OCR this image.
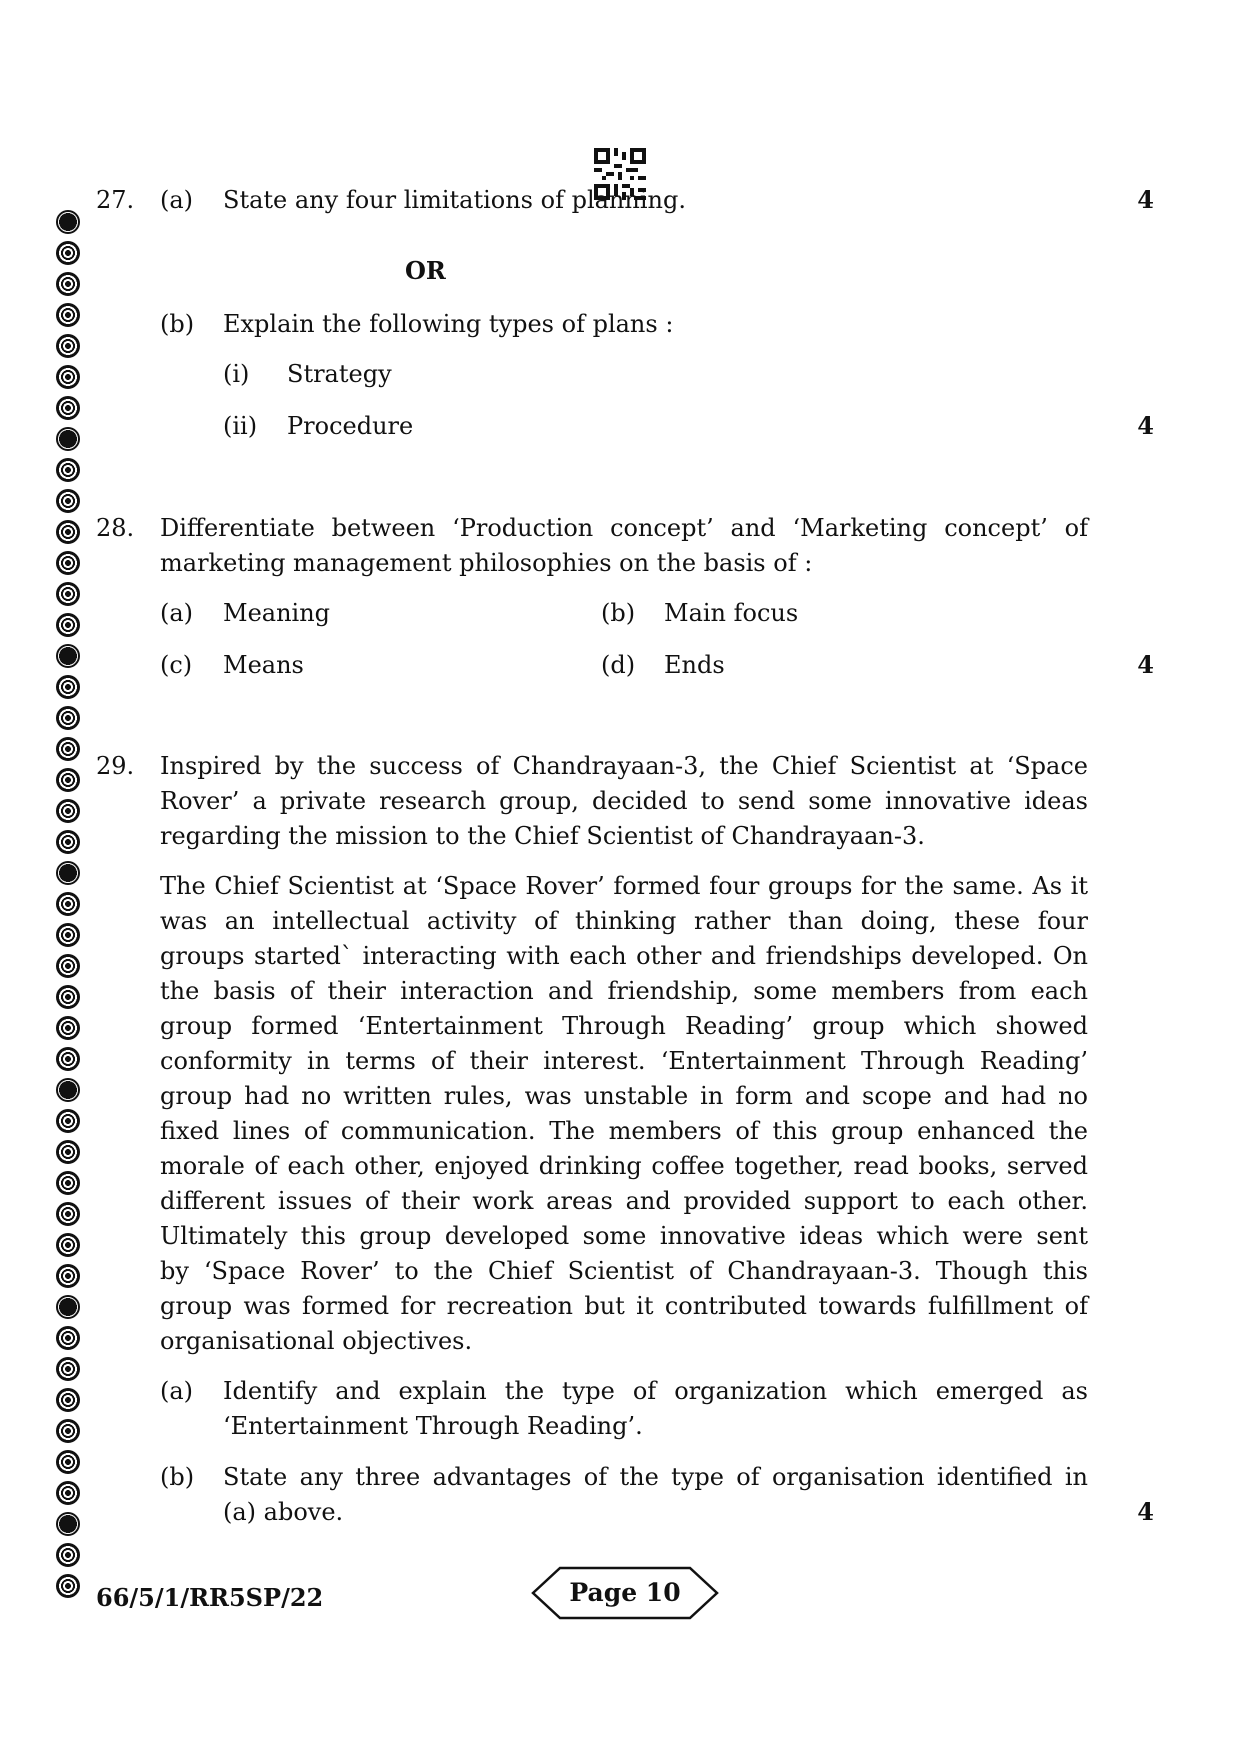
27. (a) State any four limitations of planning.	4
OR
(b) Explain the following types of plans :
(i) Strategy
(ii) Procedure	4
28. Differentiate between ‘Production concept’ and ‘Marketing concept’ of
marketing management philosophies on the basis of :
(a) Meaning	(b) Main focus
(c) Means	(d) Ends	4
29. Inspired by the success of Chandrayaan-3, the Chief Scientist at ‘Space
Rover’ a private research group, decided to send some innovative ideas
regarding the mission to the Chief Scientist of Chandrayaan-3.
The Chief Scientist at ‘Space Rover’ formed four groups for the same. As it
was an intellectual activity of thinking rather than doing, these four
groups started` interacting with each other and friendships developed. On
the basis of their interaction and friendship, some members from each
group formed ‘Entertainment Through Reading’ group which showed
conformity in terms of their interest. ‘Entertainment Through Reading’
group had no written rules, was unstable in form and scope and had no
fixed lines of communication. The members of this group enhanced the
morale of each other, enjoyed drinking coffee together, read books, served
different issues of their work areas and provided support to each other.
Ultimately this group developed some innovative ideas which were sent
by ‘Space Rover’ to the Chief Scientist of Chandrayaan-3. Though this
group was formed for recreation but it contributed towards fulfillment of
organisational objectives.
(a) Identify and explain the type of organization which emerged as
‘Entertainment Through Reading’.
(b) State any three advantages of the type of organisation identified in
(a) above.	4
66/5/1/RR5SP/22	Page 10
